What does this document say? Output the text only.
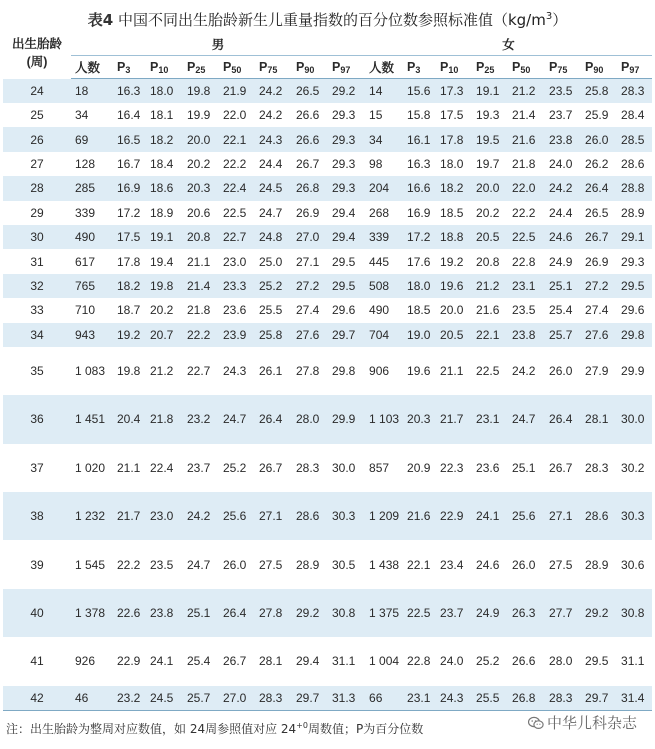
表4 中国不同出生胎龄新生儿重量指数的百分位数参照标准值$(kg/m^3)$
出生胎龄
(周)	男								女							
	人数	$P_3$	$P_{10}$	$P_{25}$	$P_{50}$	$P_{75}$	$P_{90}$	$P_{97}$	人数	$P_3$	$P_{10}$	$P_{25}$	$P_{50}$	$P_{75}$	$P_{90}$	$P_{97}$
24	18	16.3	18.0	19.8	21.9	24.2	26.5	29.2	14	15.6	17.3	19.1	21.2	23.5	25.8	28.3
25	34	16.4	18.1	19.9	22.0	24.2	26.6	29.3	15	15.8	17.5	19.3	21.4	23.7	25.9	28.4
26	69	16.5	18.2	20.0	22.1	24.3	26.6	29.3	34	16.1	17.8	19.5	21.6	23.8	26.0	28.5
27	128	16.7	18.4	20.2	22.2	24.4	26.7	29.3	98	16.3	18.0	19.7	21.8	24.0	26.2	28.6
28	285	16.9	18.6	20.3	22.4	24.5	26.8	29.3	204	16.6	18.2	20.0	22.0	24.2	26.4	28.8
29	339	17.2	18.9	20.6	22.5	24.7	26.9	29.4	268	16.9	18.5	20.2	22.2	24.4	26.5	28.9
30	490	17.5	19.1	20.8	22.7	24.8	27.0	29.4	339	17.2	18.8	20.5	22.5	24.6	26.7	29.1
31	617	17.8	19.4	21.1	23.0	25.0	27.1	29.5	445	17.6	19.2	20.8	22.8	24.9	26.9	29.3
32	765	18.2	19.8	21.4	23.3	25.2	27.2	29.5	508	18.0	19.6	21.2	23.1	25.1	27.2	29.5
33	710	18.7	20.2	21.8	23.6	25.5	27.4	29.6	490	18.5	20.0	21.6	23.5	25.4	27.4	29.6
34	943	19.2	20.7	22.2	23.9	25.8	27.6	29.7	704	19.0	20.5	22.1	23.8	25.7	27.6	29.8
35	1 083	19.8	21.2	22.7	24.3	26.1	27.8	29.8	906	19.6	21.1	22.5	24.2	26.0	27.9	29.9
36	1 451	20.4	21.8	23.2	24.7	26.4	28.0	29.9	1 103	20.3	21.7	23.1	24.7	26.4	28.1	30.0
37	1 020	21.1	22.4	23.7	25.2	26.7	28.3	30.0	857	20.9	22.3	23.6	25.1	26.7	28.3	30.2
38	1 232	21.7	23.0	24.2	25.6	27.1	28.6	30.3	1 209	21.6	22.9	24.1	25.6	27.1	28.6	30.3
39	1 545	22.2	23.5	24.7	26.0	27.5	28.9	30.5	1 438	22.1	23.4	24.6	26.0	27.5	28.9	30.6
40	1 378	22.6	23.8	25.1	26.4	27.8	29.2	30.8	1 375	22.5	23.7	24.9	26.3	27.7	29.2	30.8
41	926	22.9	24.1	25.4	26.7	28.1	29.4	31.1	1 004	22.8	24.0	25.2	26.6	28.0	29.5	31.1
42	46	23.2	24.5	25.7	27.0	28.3	29.7	31.3	66	23.1	24.3	25.5	26.8	28.3	29.7	31.4
注：出生胎龄为整周对应数值，如 24周参照值对应 $24^{+0}$周数值；P为百分位数	中华儿科杂志
